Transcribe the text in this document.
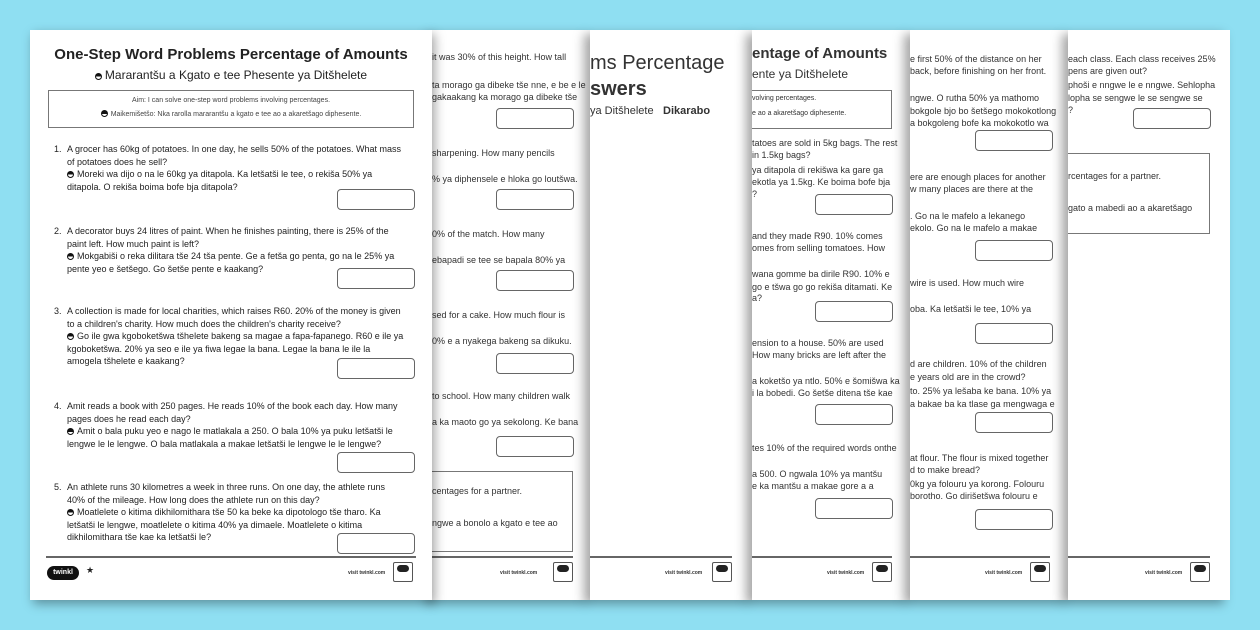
it was 30% of this height. How tall
ta morago ga dibeke tše nne, e be e le
gakaakang ka morago ga dibeke tše
sharpening. How many pencils
% ya diphensele e hloka go loutšwa.
0% of the match. How many
ebapadi se tee se bapala 80% ya
sed for a cake. How much flour is
0% e a nyakega bakeng sa dikuku.
to school. How many children walk
a ka maoto go ya sekolong. Ke bana
centages for a partner.
ngwe a bonolo a kgato e tee ao
visit twinkl.com
ms Percentage
swers
ya Ditšhelete Dikarabo
visit twinkl.com
entage of Amounts
ente ya Ditšhelete
volving percentages.
e ao a akaretšago diphesente.
tatoes are sold in 5kg bags. The rest
in 1.5kg bags?
ya ditapola di rekišwa ka gare ga
ekotla ya 1.5kg. Ke boima bofe bja
?
and they made R90. 10% comes
omes from selling tomatoes. How
wana gomme ba dirile R90. 10% e
go e tšwa go go rekiša ditamati. Ke
a?
ension to a house. 50% are used
How many bricks are left after the
a koketšo ya ntlo. 50% e šomišwa ka
i la bobedi. Go šetše ditena tše kae
tes 10% of the required words onthe
a 500. O ngwala 10% ya mantšu
e ka mantšu a makae gore a a
visit twinkl.com
e first 50% of the distance on her
back, before finishing on her front.
ngwe. O rutha 50% ya mathomo
bokgole bjo bo šetšego mokokotlong
a bokgoleng bofe ka mokokotlo wa
ere are enough places for another
w many places are there at the
. Go na le mafelo a lekanego
ekolo. Go na le mafelo a makae
wire is used. How much wire
oba. Ka letšatši le tee, 10% ya
d are children. 10% of the children
e years old are in the crowd?
to. 25% ya lešaba ke bana. 10% ya
a bakae ba ka tlase ga mengwaga e
at flour. The flour is mixed together
d to make bread?
0kg ya folouru ya korong. Folouru
borotho. Go dirišetšwa folouru e
visit twinkl.com
each class. Each class receives 25%
pens are given out?
phoši e nngwe le e nngwe. Sehlopha
lopha se sengwe le se sengwe se
?
rcentages for a partner.
gato a mabedi ao a akaretšago
visit twinkl.com
One-Step Word Problems Percentage of Amounts
Mararantšu a Kgato e tee Phesente ya Ditšhelete
Aim: I can solve one-step word problems involving percentages.
Maikemišetšo: Nka rarolla mararantšu a kgato e tee ao a akaretšago diphesente.
1. A grocer has 60kg of potatoes. In one day, he sells 50% of the potatoes. What mass of potatoes does he sell?
Moreki wa dijo o na le 60kg ya ditapola. Ka letšatši le tee, o rekiša 50% ya ditapola. O rekiša boima bofe bja ditapola?
2. A decorator buys 24 litres of paint. When he finishes painting, there is 25% of the paint left. How much paint is left?
Mokgabiši o reka dilitara tše 24 tša pente. Ge a fetša go penta, go na le 25% ya pente yeo e šetšego. Go šetše pente e kaakang?
3. A collection is made for local charities, which raises R60. 20% of the money is given to a children's charity. How much does the children's charity receive?
Go ile gwa kgoboketšwa tšhelete bakeng sa magae a fapa-fapanego. R60 e ile ya kgoboketšwa. 20% ya seo e ile ya fiwa legae la bana. Legae la bana le ile la amogela tšhelete e kaakang?
4. Amit reads a book with 250 pages. He reads 10% of the book each day. How many pages does he read each day?
Amit o bala puku yeo e nago le matlakala a 250. O bala 10% ya puku letšatši le lengwe le le lengwe. O bala matlakala a makae letšatši le lengwe le le lengwe?
5. An athlete runs 30 kilometres a week in three runs. On one day, the athlete runs 40% of the mileage. How long does the athlete run on this day?
Moatlelete o kitima dikhilomithara tše 50 ka beke ka dipotologo tše tharo. Ka letšatši le lengwe, moatlelete o kitima 40% ya dimaele. Moatlelete o kitima dikhilomithara tše kae ka letšatši le?
twinkl	★	visit twinkl.com
